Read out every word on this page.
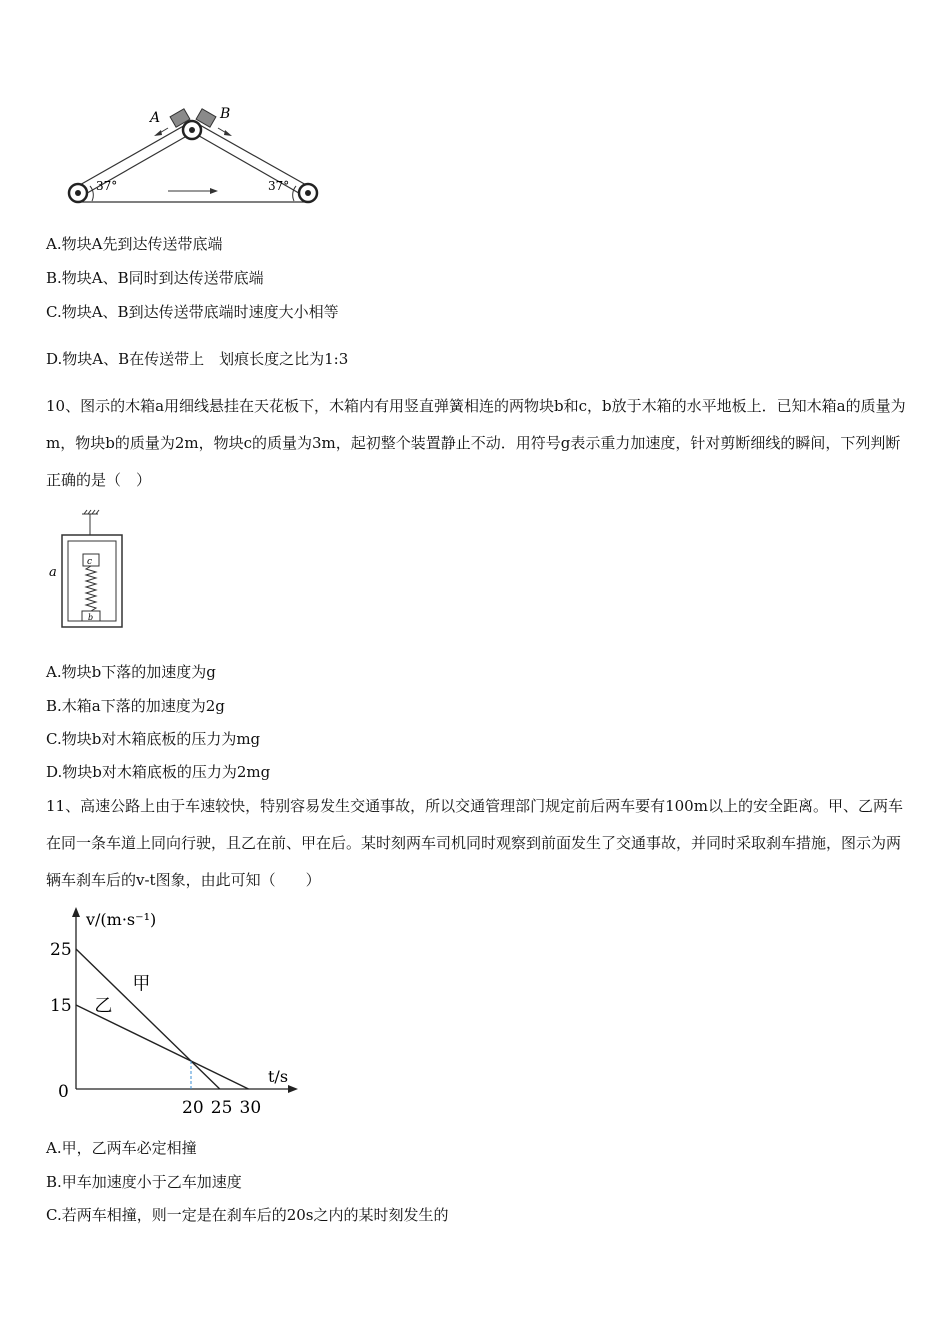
A	B
37°	37°
A.物块A先到达传送带底端
B.物块A、B同时到达传送带底端
C.物块A、B到达传送带底端时速度大小相等
D.物块A、B在传送带上　划痕长度之比为1:3
10、图示的木箱a用细线悬挂在天花板下，木箱内有用竖直弹簧相连的两物块b和c，b放于木箱的水平地板上．已知木箱a的质量为m，物块b的质量为2m，物块c的质量为3m，起初整个装置静止不动．用符号g表示重力加速度，针对剪断细线的瞬间，下列判断正确的是（　）
c
b
a
A.物块b下落的加速度为g
B.木箱a下落的加速度为2g
C.物块b对木箱底板的压力为mg
D.物块b对木箱底板的压力为2mg
11、高速公路上由于车速较快，特别容易发生交通事故，所以交通管理部门规定前后两车要有100m以上的安全距离。甲、乙两车在同一条车道上同向行驶，且乙在前、甲在后。某时刻两车司机同时观察到前面发生了交通事故，并同时采取刹车措施，图示为两辆车刹车后的v-t图象，由此可知（　　）
v/(m·s⁻¹)
t/s
0
甲
乙
25
15
20 25 30
A.甲，乙两车必定相撞
B.甲车加速度小于乙车加速度
C.若两车相撞，则一定是在刹车后的20s之内的某时刻发生的
